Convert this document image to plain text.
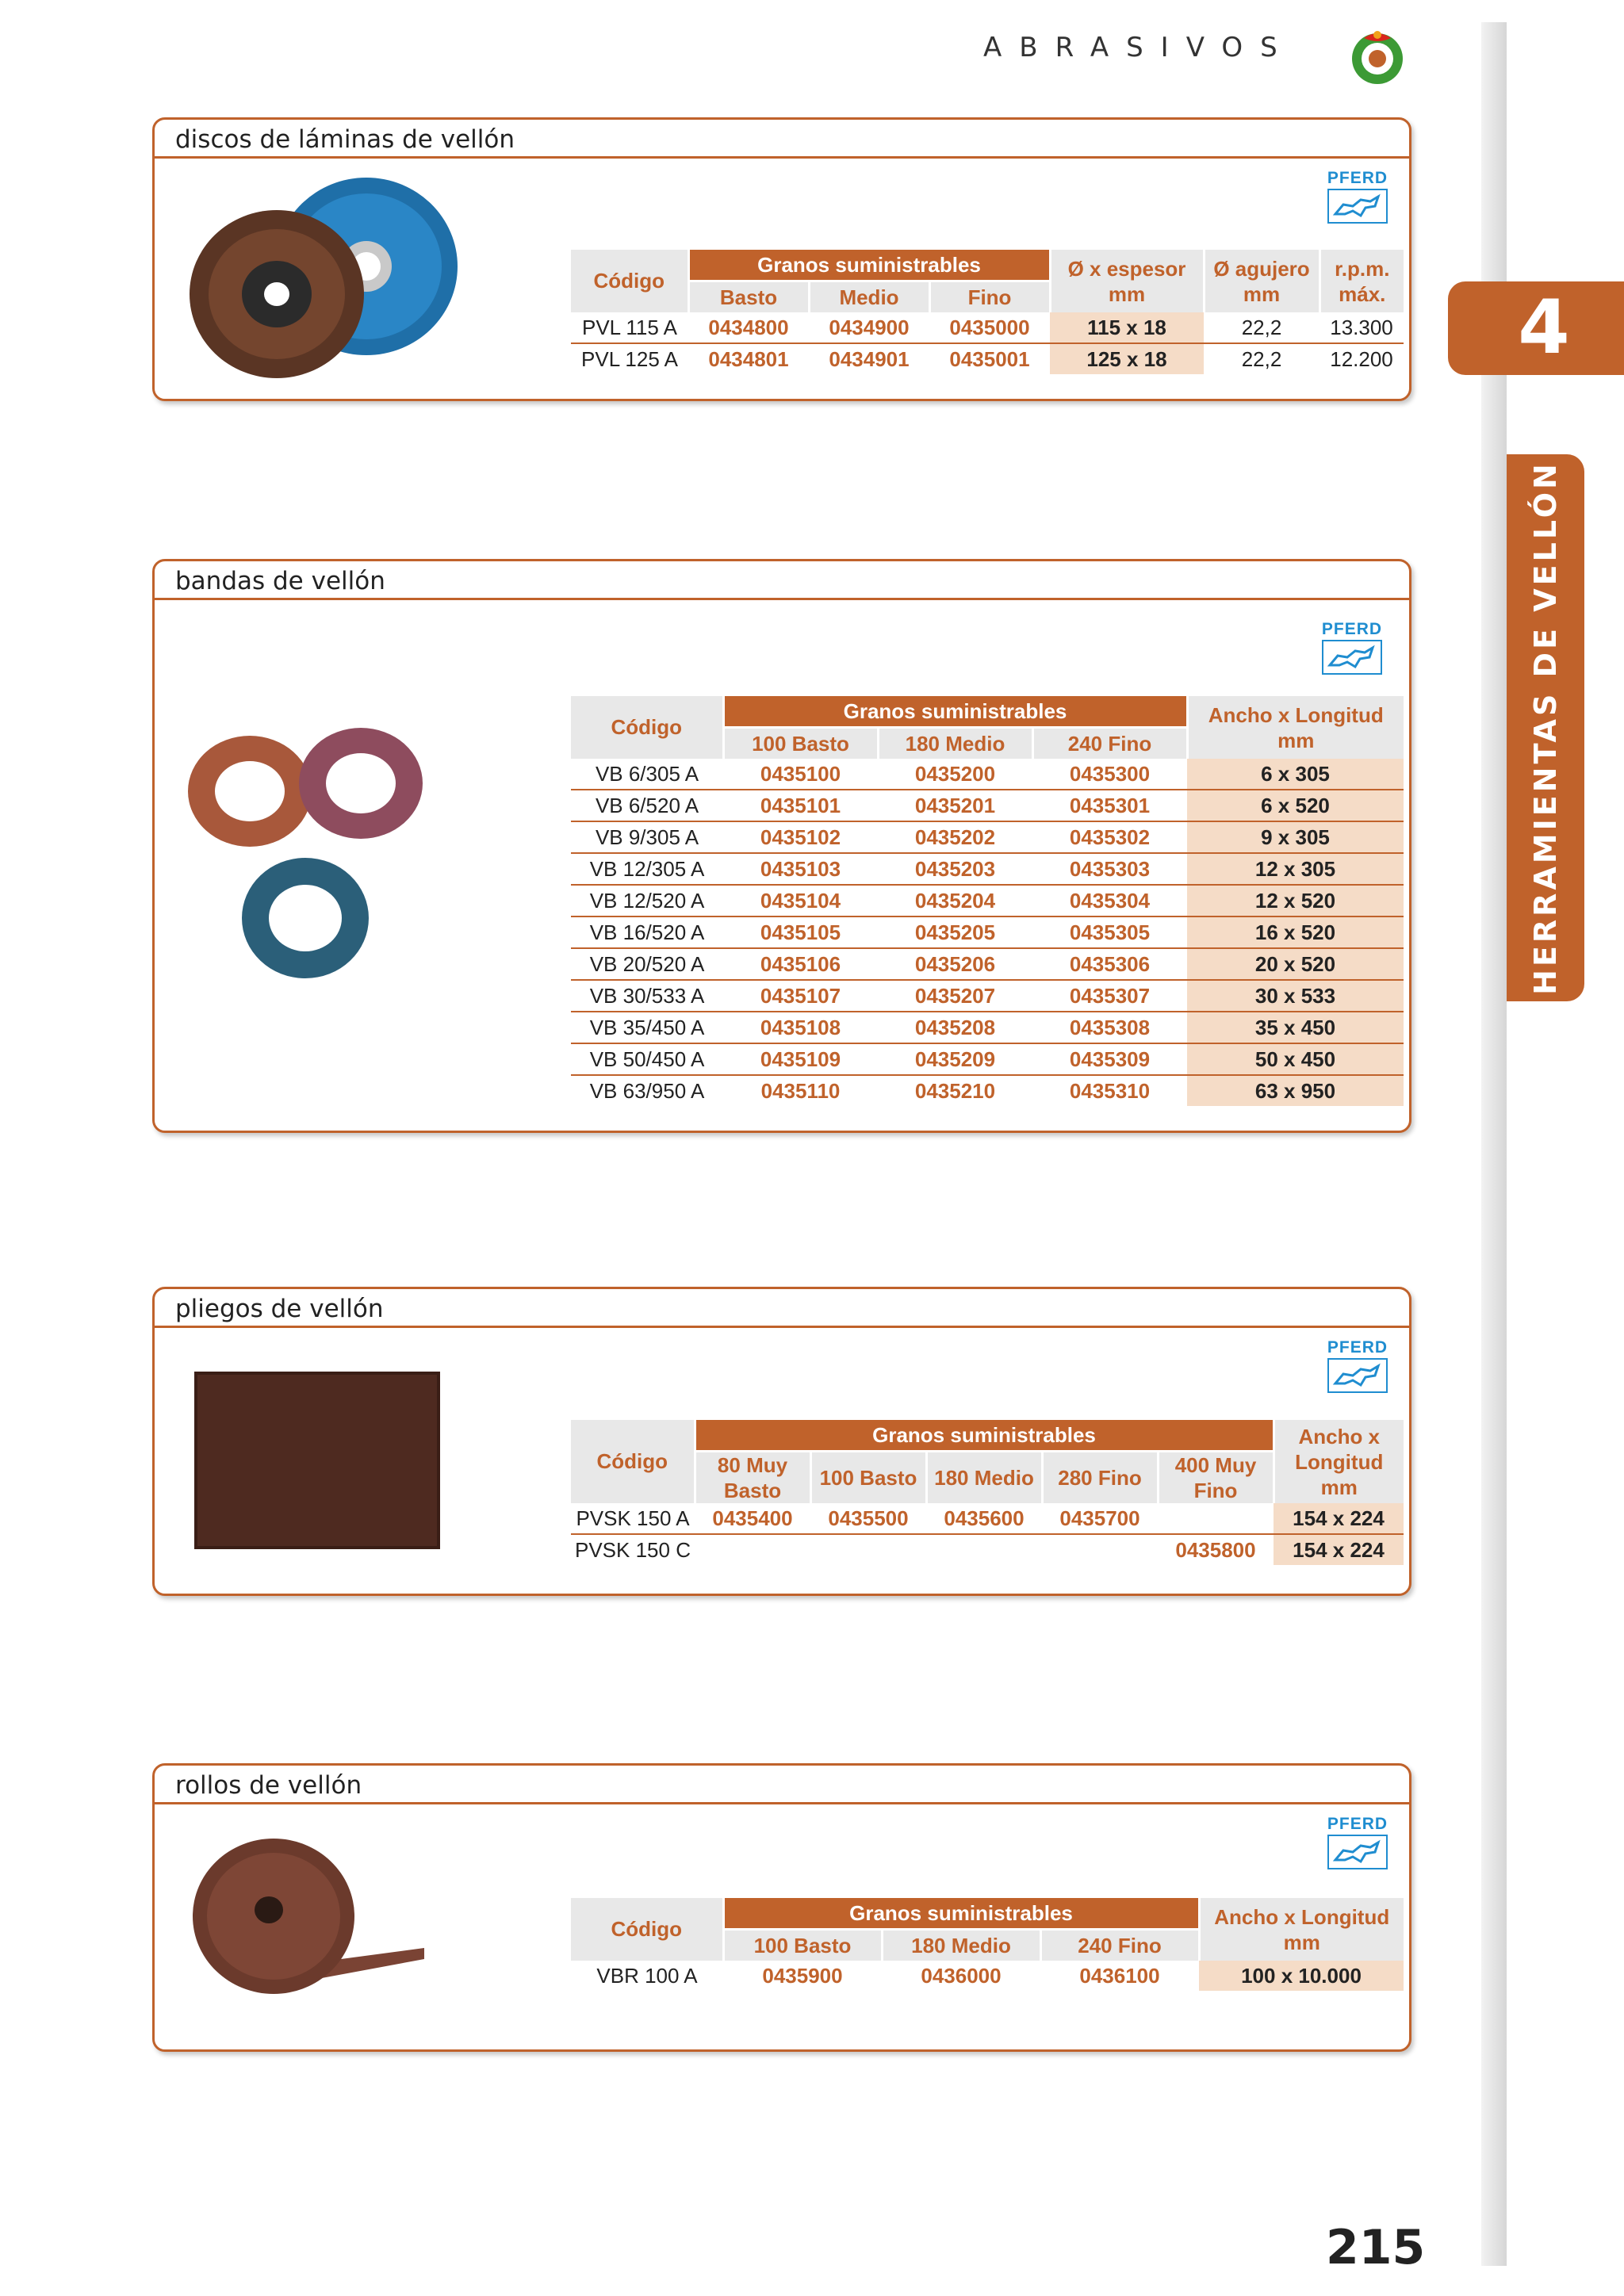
ABRASIVOS
4
HERRAMIENTAS DE VELLÓN
discos de láminas de vellón
PFERD
Código	Granos suministrables			Ø x espesor
mm	Ø agujero
mm	r.p.m.
máx.
	Basto	Medio	Fino			
PVL 115 A	0434800	0434900	0435000	115 x 18	22,2	13.300
PVL 125 A	0434801	0434901	0435001	125 x 18	22,2	12.200
bandas de vellón
PFERD
Código	Granos suministrables			Ancho x Longitud
mm
	100 Basto	180 Medio	240 Fino	
VB 6/305 A	0435100	0435200	0435300	6 x 305
VB 6/520 A	0435101	0435201	0435301	6 x 520
VB 9/305 A	0435102	0435202	0435302	9 x 305
VB 12/305 A	0435103	0435203	0435303	12 x 305
VB 12/520 A	0435104	0435204	0435304	12 x 520
VB 16/520 A	0435105	0435205	0435305	16 x 520
VB 20/520 A	0435106	0435206	0435306	20 x 520
VB 30/533 A	0435107	0435207	0435307	30 x 533
VB 35/450 A	0435108	0435208	0435308	35 x 450
VB 50/450 A	0435109	0435209	0435309	50 x 450
VB 63/950 A	0435110	0435210	0435310	63 x 950
pliegos de vellón
PFERD
Código	Granos suministrables					Ancho x
Longitud
mm
	80 Muy
Basto	100 Basto	180 Medio	280 Fino	400 Muy
Fino	
PVSK 150 A	0435400	0435500	0435600	0435700		154 x 224
PVSK 150 C					0435800	154 x 224
rollos de vellón
PFERD
Código	Granos suministrables			Ancho x Longitud
mm
	100 Basto	180 Medio	240 Fino	
VBR 100 A	0435900	0436000	0436100	100 x 10.000
215
